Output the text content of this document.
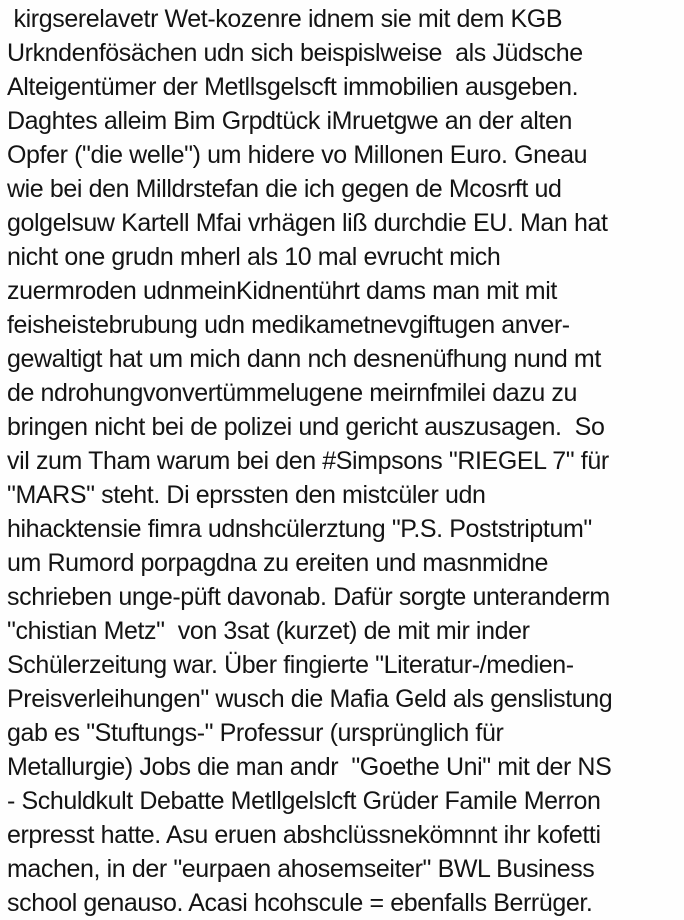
kirgserelavetr Wet-kozenre idnem sie mit dem KGB
Urkndenfösächen udn sich beispislweise  als Jüdsche
Alteigentümer der Metllsgelscft immobilien ausgeben.
Daghtes alleim Bim Grpdtück iMruetgwe an der alten
Opfer ("die welle") um hidere vo Millonen Euro. Gneau
wie bei den Milldrstefan die ich gegen de Mcosrft ud
golgelsuw Kartell Mfai vrhägen liß durchdie EU. Man hat
nicht one grudn mherl als 10 mal evrucht mich
zuermroden udnmeinKidnentührt dams man mit mit
feisheistebrubung udn medikametnevgiftugen anver-
gewaltigt hat um mich dann nch desnenüfhung nund mt
de ndrohungvonvertümmelugene meirnfmilei dazu zu
bringen nicht bei de polizei und gericht auszusagen.  So
vil zum Tham warum bei den #Simpsons "RIEGEL 7" für
"MARS" steht. Di eprssten den mistcüler udn
hihacktensie fimra udnshcülerztung "P.S. Poststriptum"
um Rumord porpagdna zu ereiten und masnmidne
schrieben unge-püft davonab. Dafür sorgte unteranderm
"chistian Metz"  von 3sat (kurzet) de mit mir inder
Schülerzeitung war. Über fingierte "Literatur-/medien-
Preisverleihungen" wusch die Mafia Geld als genslistung
gab es "Stuftungs-" Professur (ursprünglich für
Metallurgie) Jobs die man andr  "Goethe Uni" mit der NS
- Schuldkult Debatte Metllgelslcft Grüder Famile Merron
erpresst hatte. Asu eruen abshclüssnekömnnt ihr kofetti
machen, in der "eurpaen ahosemseiter" BWL Business
school genauso. Acasi hcohscule = ebenfalls Berrüger.
